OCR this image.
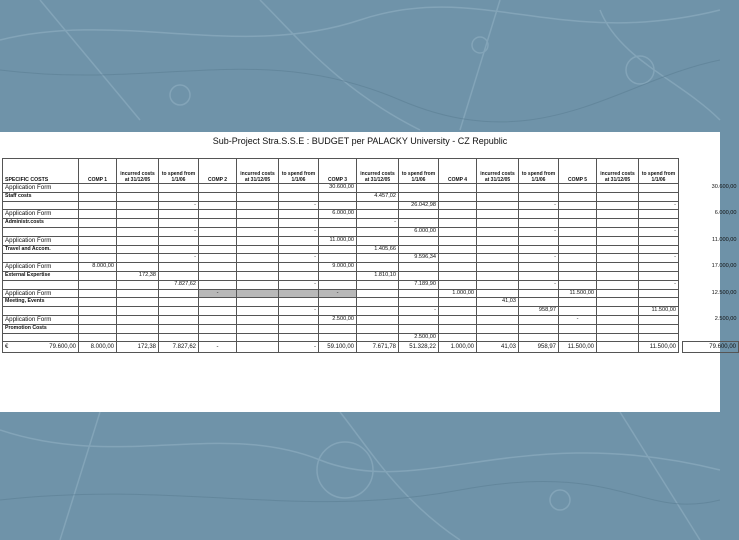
Sub-Project Stra.S.S.E : BUDGET per PALACKY University - CZ Republic
SPECIFIC COSTS	COMP 1	incurred costs at 31/12/05	to spend from 1/1/06	COMP 2	incurred costs at 31/12/05	to spend from 1/1/06	COMP 3	incurred costs at 31/12/05	to spend from 1/1/06	COMP 4	incurred costs at 31/12/05	to spend from 1/1/06	COMP 5	incurred costs at 31/12/05	to spend from 1/1/06		
Application Form							30.600,00										30.600,00
Staff costs								4.457,02									
			-			-			26.042,98			-			-		
Application Form							6.000,00										6.000,00
Administr.costs								-									
			-			-			6.000,00			-			-		
Application Form							11.000,00										11.000,00
Travel and Accom.								1.405,66									
			-			-			9.596,34			-			-		
Application Form	8.000,00						9.000,00										17.000,00
External Expertise		172,38						1.810,10									
			7.827,62			-			7.189,90			-			-		
Application Form				-			-			1.000,00			11.500,00				12.500,00
Meeting, Events											41,03						
						-			-			958,97			11.500,00		
Application Form							2.500,00						-				2.500,00
Promotion Costs																	
									2.500,00								
€ 79.600,00	8.000,00	172,38	7.827,62	-		-	59.100,00	7.671,78	51.328,22	1.000,00	41,03	958,97	11.500,00		11.500,00		79.600,00
